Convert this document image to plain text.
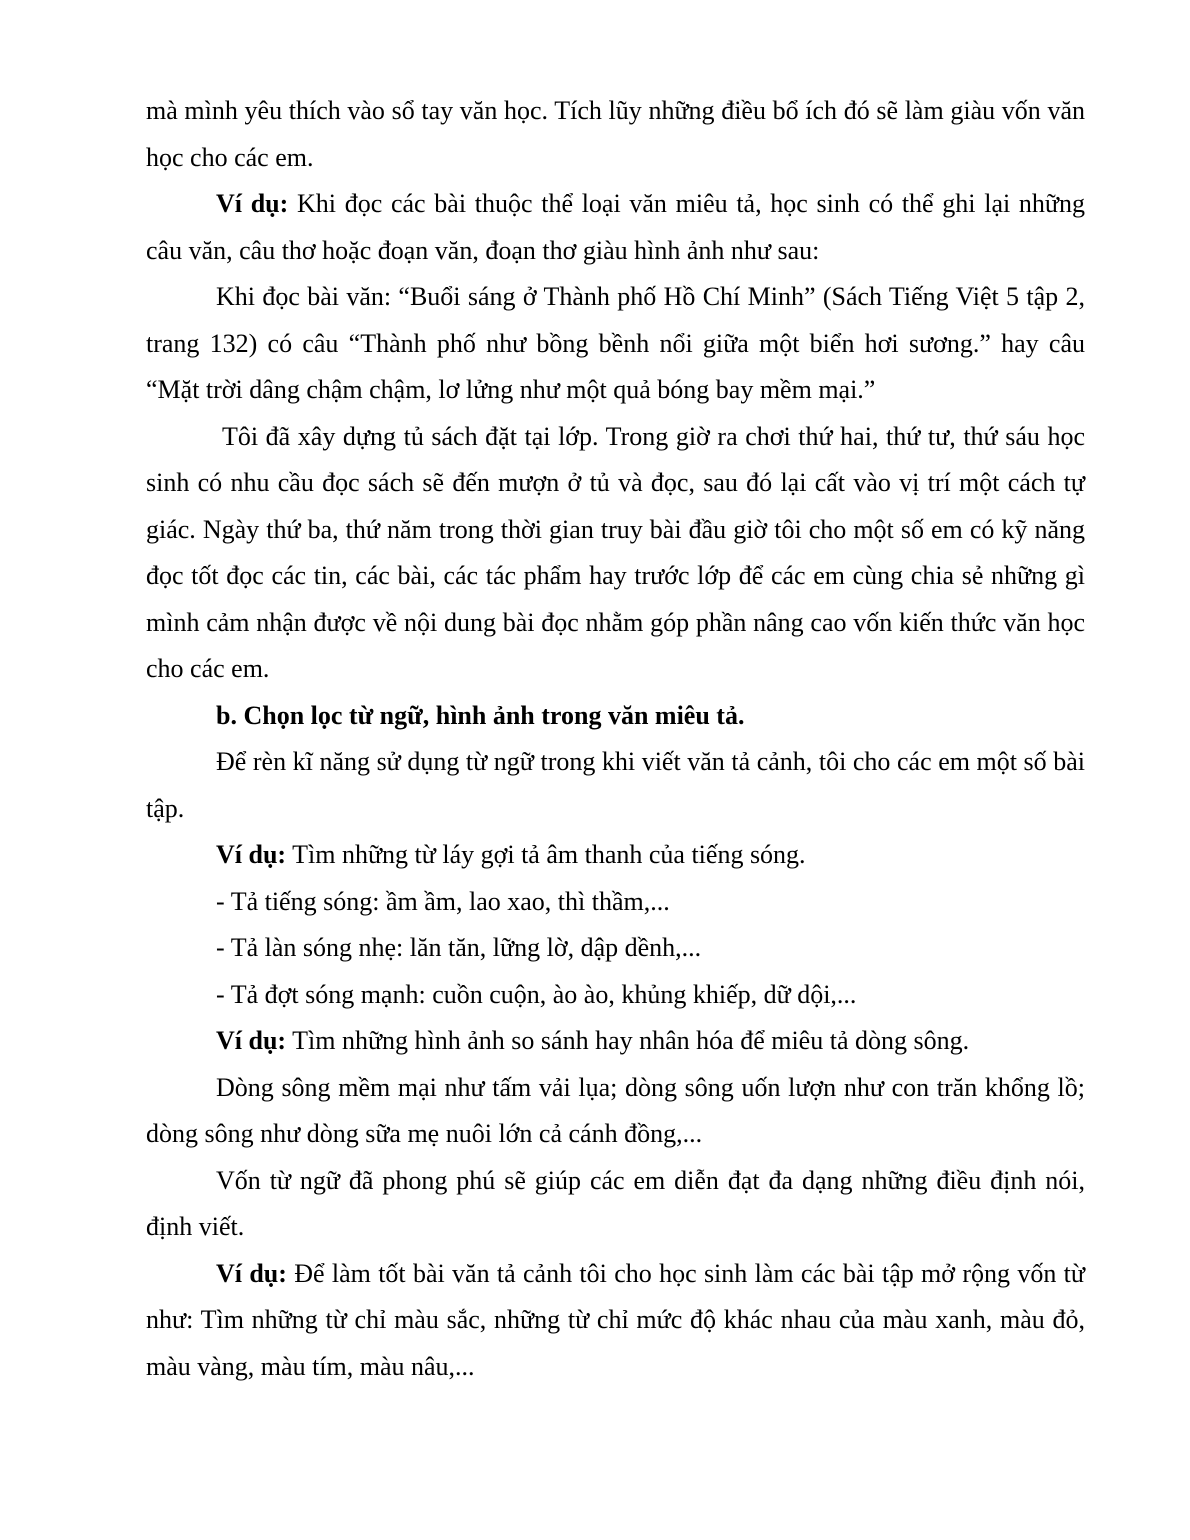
mà mình yêu thích vào sổ tay văn học. Tích lũy những điều bổ ích đó sẽ làm giàu vốn văn học cho các em.

Ví dụ: Khi đọc các bài thuộc thể loại văn miêu tả, học sinh có thể ghi lại những câu văn, câu thơ hoặc đoạn văn, đoạn thơ giàu hình ảnh như sau:

Khi đọc bài văn: “Buổi sáng ở Thành phố Hồ Chí Minh” (Sách Tiếng Việt 5 tập 2, trang 132) có câu “Thành phố như bồng bềnh nổi giữa một biển hơi sương.” hay câu “Mặt trời dâng chậm chậm, lơ lửng như một quả bóng bay mềm mại.”

Tôi đã xây dựng tủ sách đặt tại lớp. Trong giờ ra chơi thứ hai, thứ tư, thứ sáu học sinh có nhu cầu đọc sách sẽ đến mượn ở tủ và đọc, sau đó lại cất vào vị trí một cách tự giác. Ngày thứ ba, thứ năm trong thời gian truy bài đầu giờ tôi cho một số em có kỹ năng đọc tốt đọc các tin, các bài, các tác phẩm hay trước lớp để các em cùng chia sẻ những gì mình cảm nhận được về nội dung bài đọc nhằm góp phần nâng cao vốn kiến thức văn học cho các em.

b. Chọn lọc từ ngữ, hình ảnh trong văn miêu tả.

Để rèn kĩ năng sử dụng từ ngữ trong khi viết văn tả cảnh, tôi cho các em một số bài tập.

Ví dụ: Tìm những từ láy gợi tả âm thanh của tiếng sóng.

- Tả tiếng sóng: ầm ầm, lao xao, thì thầm,...

- Tả làn sóng nhẹ: lăn tăn, lững lờ, dập dềnh,...

- Tả đợt sóng mạnh: cuồn cuộn, ào ào, khủng khiếp, dữ dội,...

Ví dụ: Tìm những hình ảnh so sánh hay nhân hóa để miêu tả dòng sông.

Dòng sông mềm mại như tấm vải lụa; dòng sông uốn lượn như con trăn khổng lồ; dòng sông như dòng sữa mẹ nuôi lớn cả cánh đồng,...

Vốn từ ngữ đã phong phú sẽ giúp các em diễn đạt đa dạng những điều định nói, định viết.

Ví dụ: Để làm tốt bài văn tả cảnh tôi cho học sinh làm các bài tập mở rộng vốn từ như: Tìm những từ chỉ màu sắc, những từ chỉ mức độ khác nhau của màu xanh, màu đỏ, màu vàng, màu tím, màu nâu,...
